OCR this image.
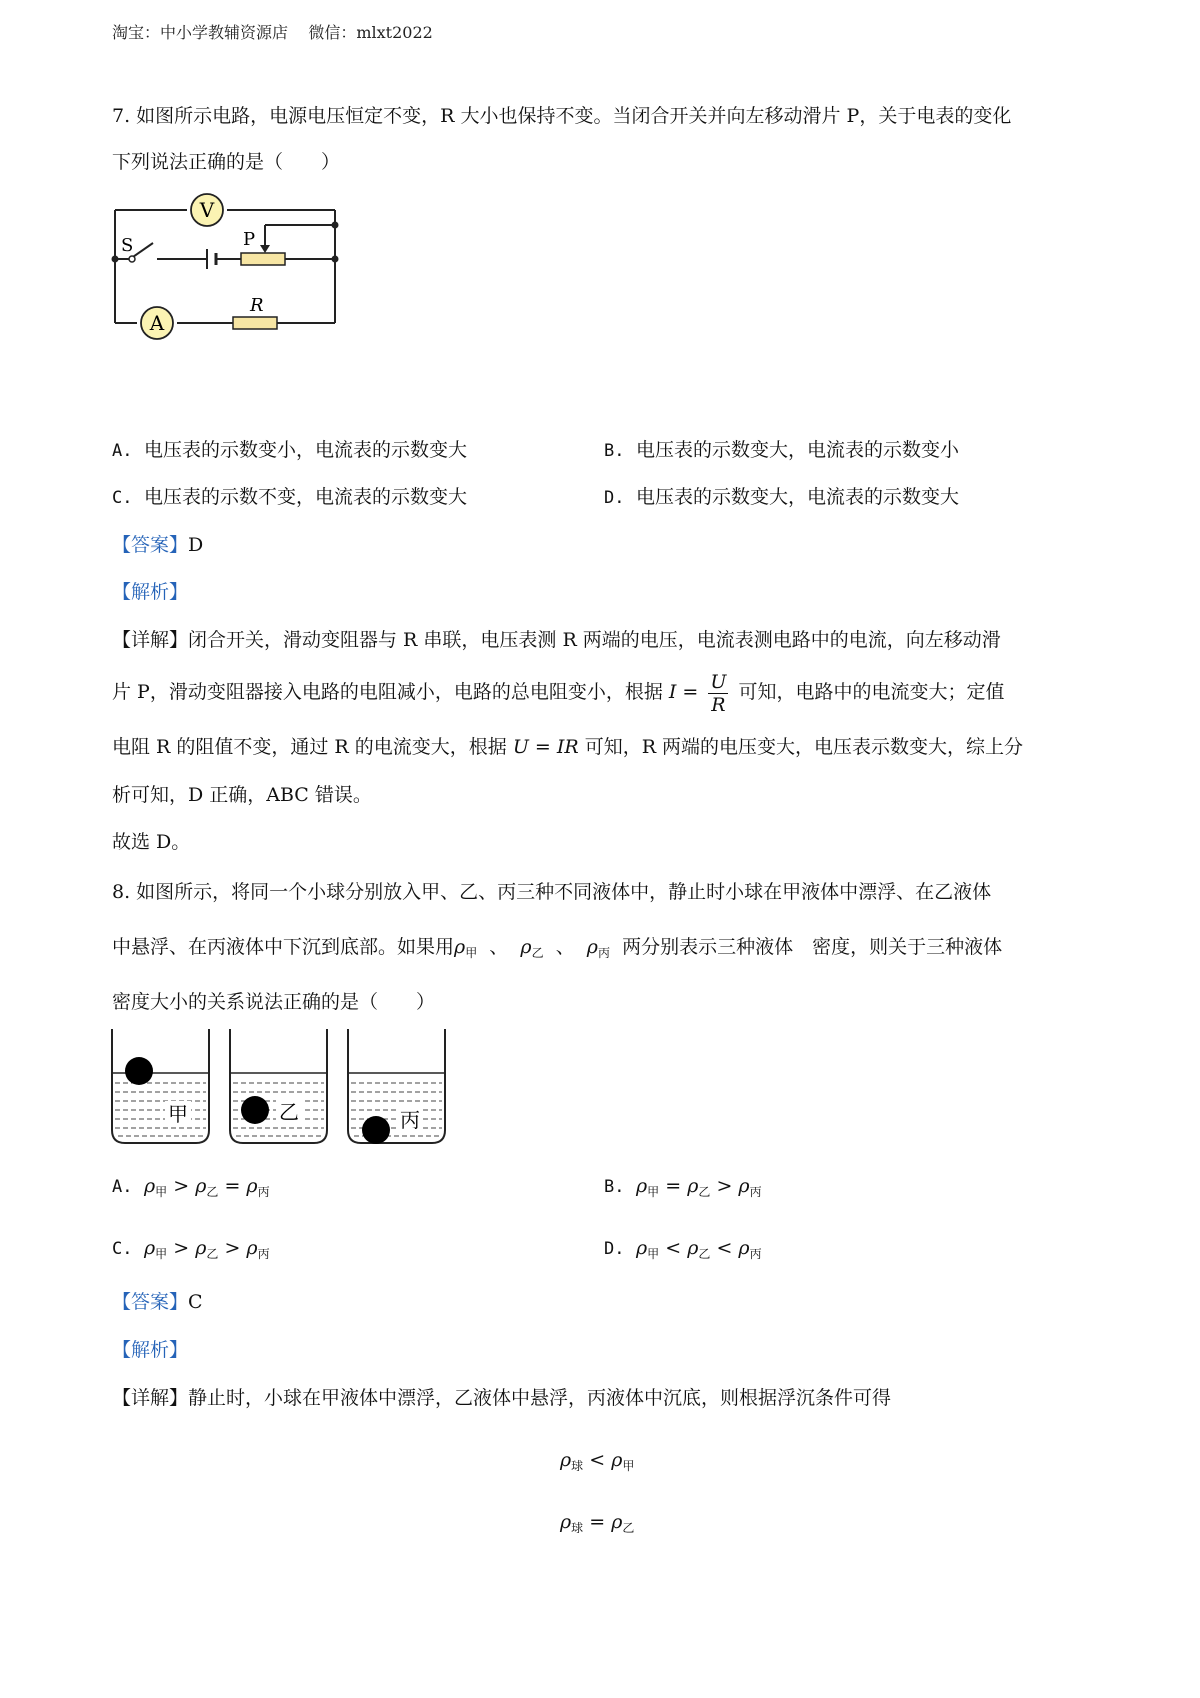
淘宝：中小学教辅资源店    微信：mlxt2022
7. 如图所示电路，电源电压恒定不变，R 大小也保持不变。当闭合开关并向左移动滑片 P，关于电表的变化
下列说法正确的是（　　）
V
A
S	P
R
A. 电压表的示数变小，电流表的示数变大	B. 电压表的示数变大，电流表的示数变小
C. 电压表的示数不变，电流表的示数变大	D. 电压表的示数变大，电流表的示数变大
【答案】D
【解析】
【详解】闭合开关，滑动变阻器与 R 串联，电压表测 R 两端的电压，电流表测电路中的电流，向左移动滑
片 P，滑动变阻器接入电路的电阻减小，电路的总电阻变小，根据 $I = \frac{U}{R}$ 可知，电路中的电流变大；定值
电阻 R 的阻值不变，通过 R 的电流变大，根据 U = IR 可知，R 两端的电压变大，电压表示数变大，综上分
析可知，D 正确，ABC 错误。
故选 D。
8. 如图所示，将同一个小球分别放入甲、乙、丙三种不同液体中，静止时小球在甲液体中漂浮、在乙液体
中悬浮、在丙液体中下沉到底部。如果用$\rho_甲$ 、 $\rho_乙$ 、 $\rho_丙$ 两分别表示三种液体　密度，则关于三种液体
密度大小的关系说法正确的是（　　）
甲	乙	丙
A. $\rho_甲 > \rho_乙 = \rho_丙$	B. $\rho_甲 = \rho_乙 > \rho_丙$
C. $\rho_甲 > \rho_乙 > \rho_丙$	D. $\rho_甲 < \rho_乙 < \rho_丙$
【答案】C
【解析】
【详解】静止时，小球在甲液体中漂浮，乙液体中悬浮，丙液体中沉底，则根据浮沉条件可得
$\rho_球 < \rho_甲$
$\rho_球 = \rho_乙$
